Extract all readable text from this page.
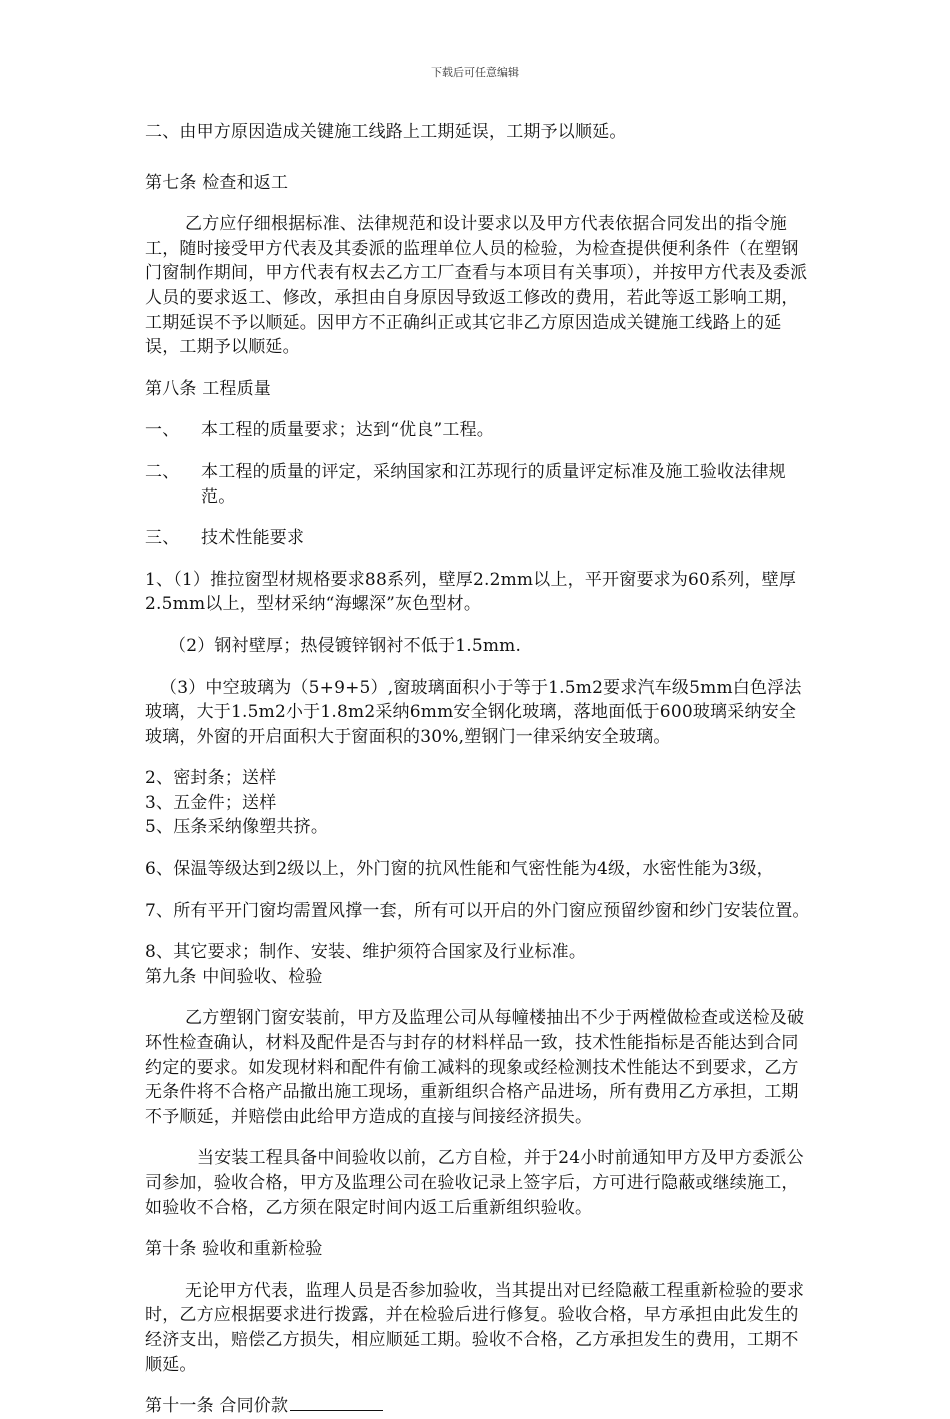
下载后可任意编辑

二、由甲方原因造成关键施工线路上工期延误，工期予以顺延。

第七条 检查和返工

乙方应仔细根据标准、法律规范和设计要求以及甲方代表依据合同发出的指令施工，随时接受甲方代表及其委派的监理单位人员的检验，为检查提供便利条件（在塑钢门窗制作期间，甲方代表有权去乙方工厂查看与本项目有关事项），并按甲方代表及委派人员的要求返工、修改，承担由自身原因导致返工修改的费用，若此等返工影响工期，工期延误不予以顺延。因甲方不正确纠正或其它非乙方原因造成关键施工线路上的延误，工期予以顺延。

第八条 工程质量

一、 本工程的质量要求；达到“优良”工程。

二、 本工程的质量的评定，采纳国家和江苏现行的质量评定标准及施工验收法律规范。

三、 技术性能要求

1、（1）推拉窗型材规格要求88系列，壁厚2.2mm以上，平开窗要求为60系列，壁厚 2.5mm以上，型材采纳“海螺深”灰色型材。

（2）钢衬壁厚；热侵镀锌钢衬不低于1.5mm.

（3）中空玻璃为（5+9+5）,窗玻璃面积小于等于1.5m2要求汽车级5mm白色浮法玻璃，大于1.5m2小于1.8m2采纳6mm安全钢化玻璃，落地面低于600玻璃采纳安全玻璃，外窗的开启面积大于窗面积的30%,塑钢门一律采纳安全玻璃。

2、密封条；送样

3、五金件；送样

5、压条采纳像塑共挤。

6、保温等级达到2级以上，外门窗的抗风性能和气密性能为4级，水密性能为3级，

7、所有平开门窗均需置风撑一套，所有可以开启的外门窗应预留纱窗和纱门安装位置。

8、其它要求；制作、安装、维护须符合国家及行业标准。

第九条 中间验收、检验

乙方塑钢门窗安装前，甲方及监理公司从每幢楼抽出不少于两樘做检查或送检及破环性检查确认，材料及配件是否与封存的材料样品一致，技术性能指标是否能达到合同约定的要求。如发现材料和配件有偷工减料的现象或经检测技术性能达不到要求，乙方无条件将不合格产品撤出施工现场，重新组织合格产品进场，所有费用乙方承担，工期不予顺延，并赔偿由此给甲方造成的直接与间接经济损失。

当安装工程具备中间验收以前，乙方自检，并于24小时前通知甲方及甲方委派公司参加，验收合格，甲方及监理公司在验收记录上签字后，方可进行隐蔽或继续施工，如验收不合格，乙方须在限定时间内返工后重新组织验收。

第十条 验收和重新检验

无论甲方代表，监理人员是否参加验收，当其提出对已经隐蔽工程重新检验的要求时，乙方应根据要求进行拨露，并在检验后进行修复。验收合格，早方承担由此发生的经济支出，赔偿乙方损失，相应顺延工期。验收不合格，乙方承担发生的费用，工期不顺延。

第十一条 合同价款
